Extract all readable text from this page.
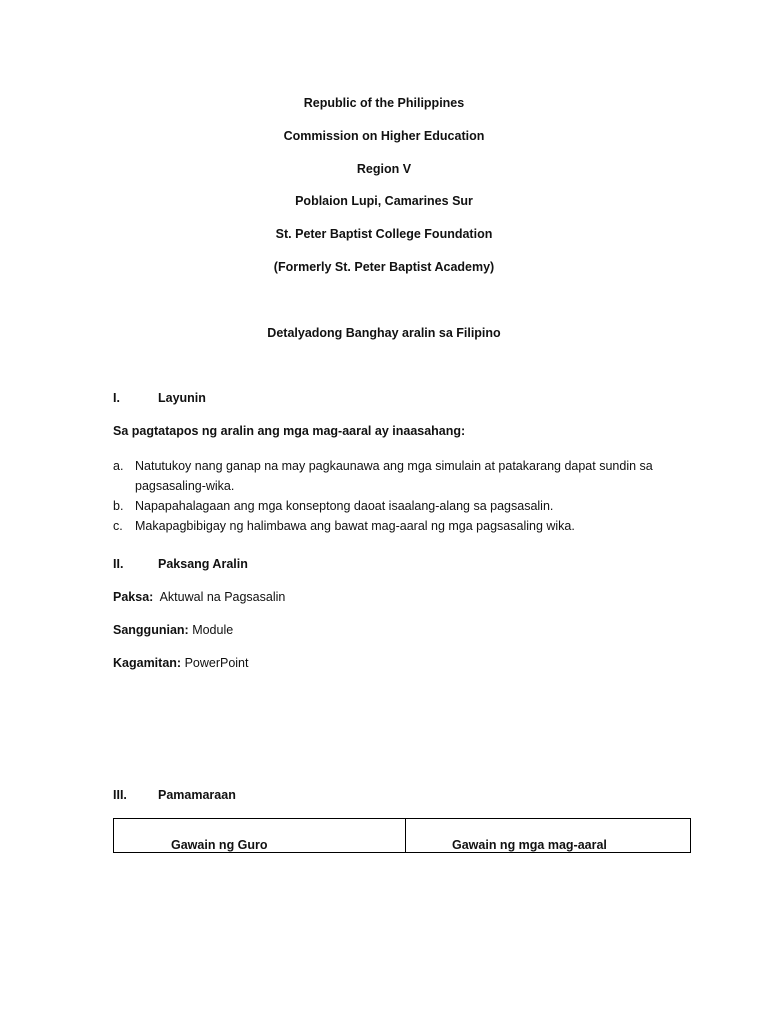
Republic of the Philippines
Commission on Higher Education
Region V
Poblaion Lupi, Camarines Sur
St. Peter Baptist College Foundation
(Formerly St. Peter Baptist Academy)
Detalyadong Banghay aralin sa Filipino
I.	Layunin
Sa pagtatapos ng aralin ang mga mag-aaral ay inaasahang:
a. Natutukoy nang ganap na may pagkaunawa ang mga simulain at patakarang dapat sundin sa pagsasaling-wika.
b. Napapahalagaan ang mga konseptong daoat isaalang-alang sa pagsasalin.
c. Makapagbibigay ng halimbawa ang bawat mag-aaral ng mga pagsasaling wika.
II.	Paksang Aralin
Paksa: Aktuwal na Pagsasalin
Sanggunian: Module
Kagamitan: PowerPoint
III. Pamamaraan
Gawain ng Guro	Gawain ng mga mag-aaral
